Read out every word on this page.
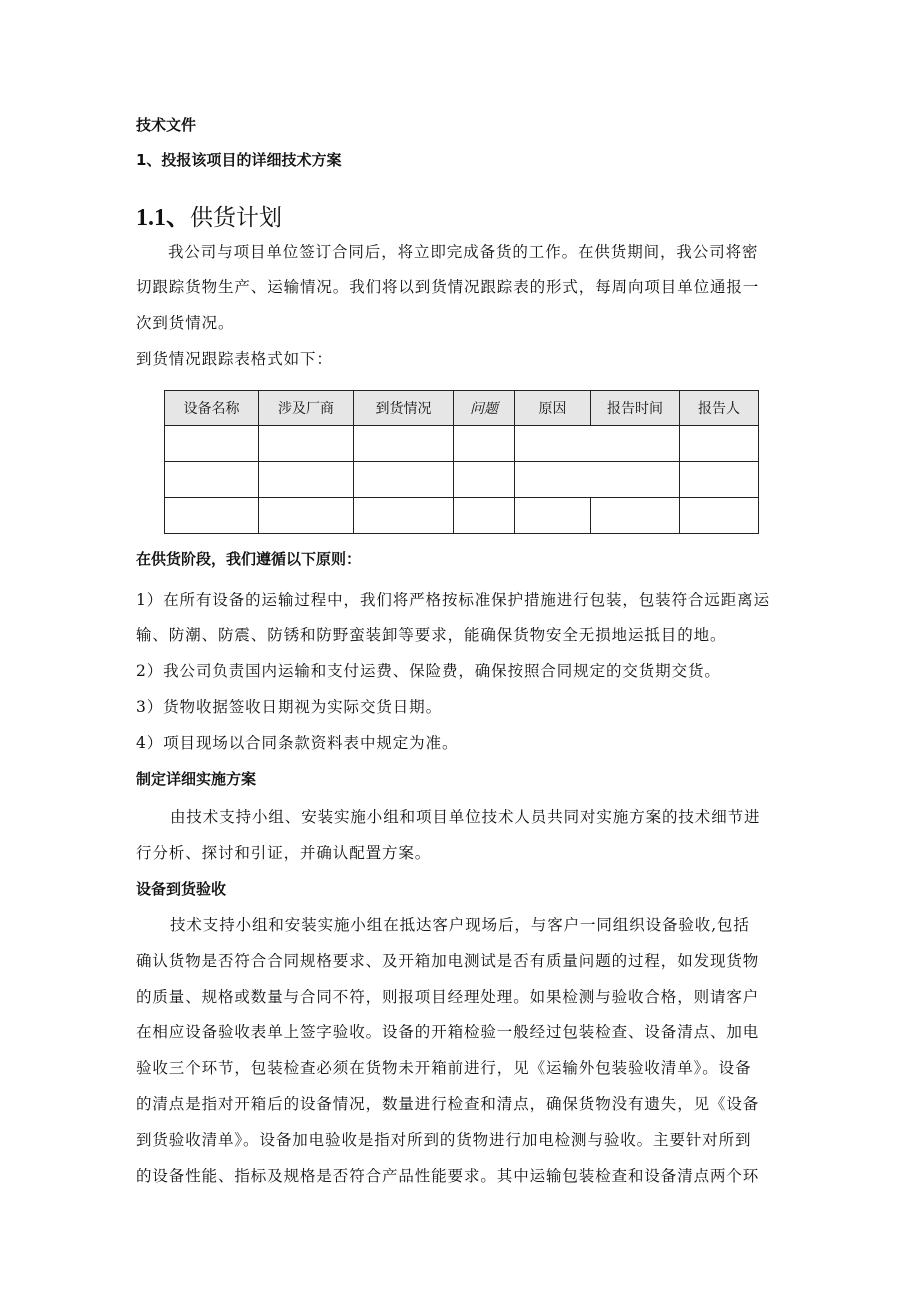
技术文件
1、投报该项目的详细技术方案
1.1、供货计划
我公司与项目单位签订合同后，将立即完成备货的工作。在供货期间，我公司将密
切跟踪货物生产、运输情况。我们将以到货情况跟踪表的形式，每周向项目单位通报一
次到货情况。
到货情况跟踪表格式如下：
设备名称	涉及厂商	到货情况	问题	原因	报告时间	报告人

在供货阶段，我们遵循以下原则：
1）在所有设备的运输过程中，我们将严格按标准保护措施进行包装，包装符合远距离运
输、防潮、防震、防锈和防野蛮装卸等要求，能确保货物安全无损地运抵目的地。
2）我公司负责国内运输和支付运费、保险费，确保按照合同规定的交货期交货。
3）货物收据签收日期视为实际交货日期。
4）项目现场以合同条款资料表中规定为准。
制定详细实施方案
由技术支持小组、安装实施小组和项目单位技术人员共同对实施方案的技术细节进
行分析、探讨和引证，并确认配置方案。
设备到货验收
技术支持小组和安装实施小组在抵达客户现场后，与客户一同组织设备验收,包括
确认货物是否符合合同规格要求、及开箱加电测试是否有质量问题的过程，如发现货物
的质量、规格或数量与合同不符，则报项目经理处理。如果检测与验收合格，则请客户
在相应设备验收表单上签字验收。设备的开箱检验一般经过包装检查、设备清点、加电
验收三个环节，包装检查必须在货物未开箱前进行，见《运输外包装验收清单》。设备
的清点是指对开箱后的设备情况，数量进行检查和清点，确保货物没有遗失，见《设备
到货验收清单》。设备加电验收是指对所到的货物进行加电检测与验收。主要针对所到
的设备性能、指标及规格是否符合产品性能要求。其中运输包装检查和设备清点两个环
